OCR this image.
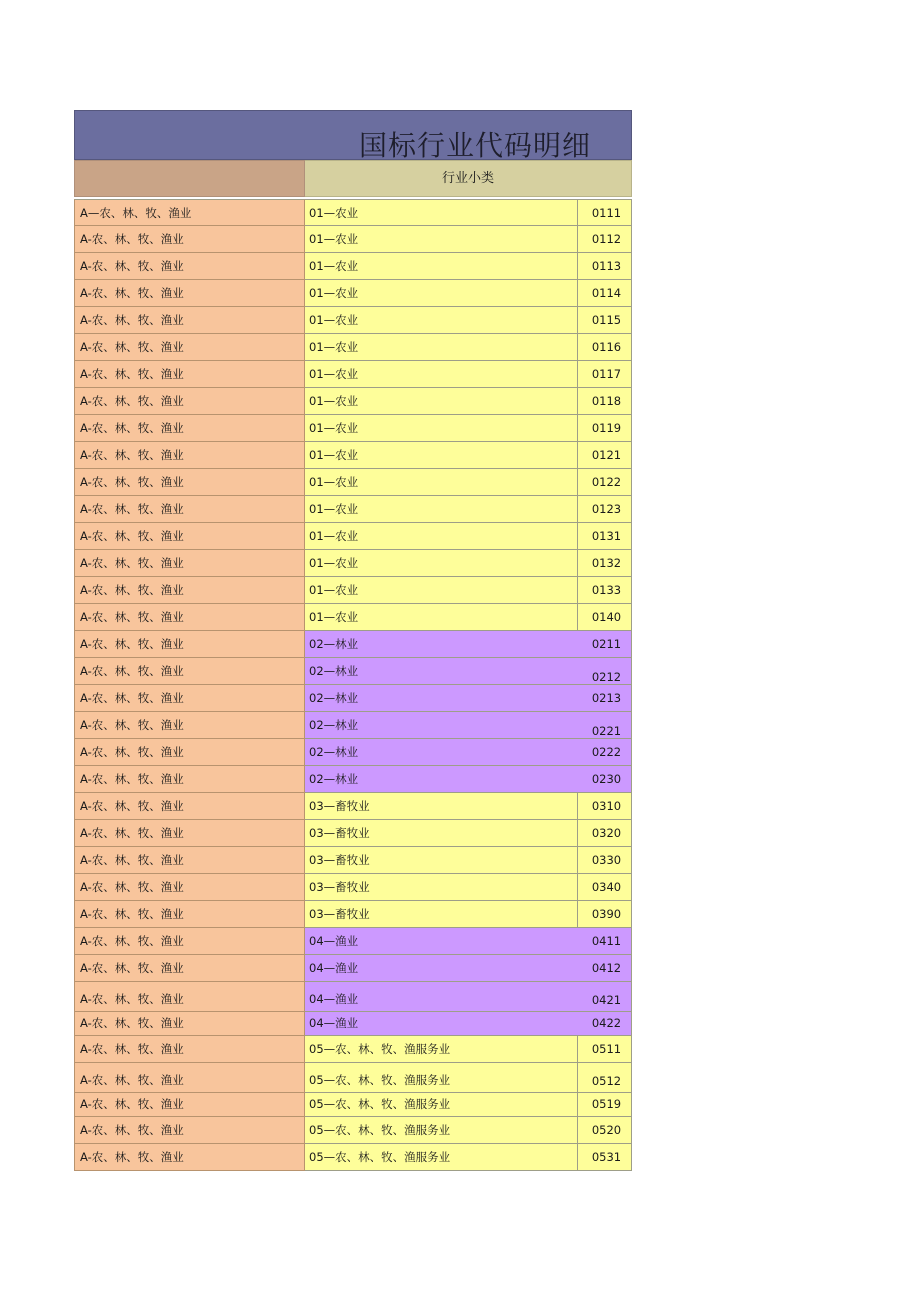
国标行业代码明细
行业小类
A—农、林、牧、渔业	01—农业	0111
A-农、林、牧、渔业	01—农业	0112
A-农、林、牧、渔业	01—农业	0113
A-农、林、牧、渔业	01—农业	0114
A-农、林、牧、渔业	01—农业	0115
A-农、林、牧、渔业	01—农业	0116
A-农、林、牧、渔业	01—农业	0117
A-农、林、牧、渔业	01—农业	0118
A-农、林、牧、渔业	01—农业	0119
A-农、林、牧、渔业	01—农业	0121
A-农、林、牧、渔业	01—农业	0122
A-农、林、牧、渔业	01—农业	0123
A-农、林、牧、渔业	01—农业	0131
A-农、林、牧、渔业	01—农业	0132
A-农、林、牧、渔业	01—农业	0133
A-农、林、牧、渔业	01—农业	0140
A-农、林、牧、渔业	02—林业	0211
A-农、林、牧、渔业	02—林业	0212
A-农、林、牧、渔业	02—林业	0213
A-农、林、牧、渔业	02—林业	0221
A-农、林、牧、渔业	02—林业	0222
A-农、林、牧、渔业	02—林业	0230
A-农、林、牧、渔业	03—畜牧业	0310
A-农、林、牧、渔业	03—畜牧业	0320
A-农、林、牧、渔业	03—畜牧业	0330
A-农、林、牧、渔业	03—畜牧业	0340
A-农、林、牧、渔业	03—畜牧业	0390
A-农、林、牧、渔业	04—渔业	0411
A-农、林、牧、渔业	04—渔业	0412
A-农、林、牧、渔业	04—渔业	0421
A-农、林、牧、渔业	04—渔业	0422
A-农、林、牧、渔业	05—农、林、牧、渔服务业	0511
A-农、林、牧、渔业	05—农、林、牧、渔服务业	0512
A-农、林、牧、渔业	05—农、林、牧、渔服务业	0519
A-农、林、牧、渔业	05—农、林、牧、渔服务业	0520
A-农、林、牧、渔业	05—农、林、牧、渔服务业	0531
